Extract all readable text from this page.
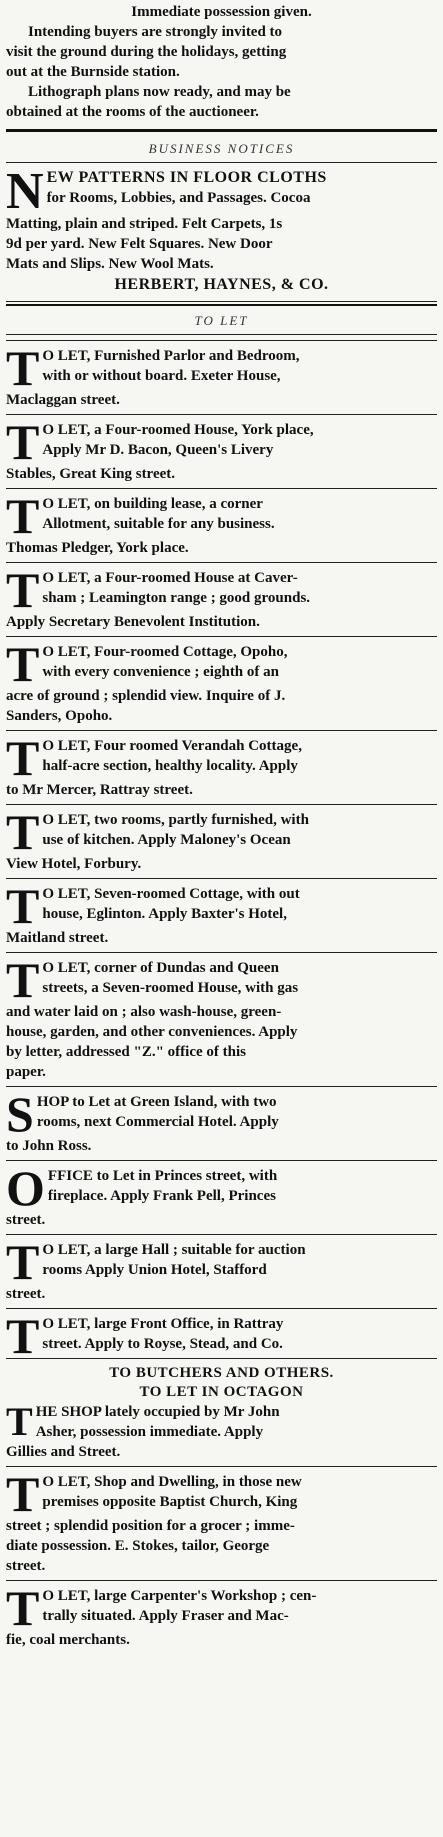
Immediate possession given.
Intending buyers are strongly invited to
visit the ground during the holidays, getting
out at the Burnside station.
Lithograph plans now ready, and may be
obtained at the rooms of the auctioneer.
BUSINESS NOTICES
N EW PATTERNS IN FLOOR CLOTHS
for Rooms, Lobbies, and Passages. Cocoa
Matting, plain and striped. Felt Carpets, 1s
9d per yard. New Felt Squares. New Door
Mats and Slips. New Wool Mats.
HERBERT, HAYNES, & CO.
TO LET
T O LET, Furnished Parlor and Bedroom,
with or without board. Exeter House,
Maclaggan street.
T O LET, a Four-roomed House, York place,
Apply Mr D. Bacon, Queen's Livery
Stables, Great King street.
T O LET, on building lease, a corner
Allotment, suitable for any business.
Thomas Pledger, York place.
T O LET, a Four-roomed House at Caver-
sham ; Leamington range ; good grounds.
Apply Secretary Benevolent Institution.
T O LET, Four-roomed Cottage, Opoho,
with every convenience ; eighth of an
acre of ground ; splendid view. Inquire of J.
Sanders, Opoho.
T O LET, Four roomed Verandah Cottage,
half-acre section, healthy locality. Apply
to Mr Mercer, Rattray street.
T O LET, two rooms, partly furnished, with
use of kitchen. Apply Maloney's Ocean
View Hotel, Forbury.
T O LET, Seven-roomed Cottage, with out
house, Eglinton. Apply Baxter's Hotel,
Maitland street.
T O LET, corner of Dundas and Queen
streets, a Seven-roomed House, with gas
and water laid on ; also wash-house, green-
house, garden, and other conveniences. Apply
by letter, addressed "Z." office of this
paper.
S HOP to Let at Green Island, with two
rooms, next Commercial Hotel. Apply
to John Ross.
O FFICE to Let in Princes street, with
fireplace. Apply Frank Pell, Princes
street.
T O LET, a large Hall ; suitable for auction
rooms Apply Union Hotel, Stafford
street.
T O LET, large Front Office, in Rattray
street. Apply to Royse, Stead, and Co.
TO BUTCHERS AND OTHERS.
TO LET IN OCTAGON
T HE SHOP lately occupied by Mr John
Asher, possession immediate. Apply
Gillies and Street.
T O LET, Shop and Dwelling, in those new
premises opposite Baptist Church, King
street ; splendid position for a grocer ; imme-
diate possession. E. Stokes, tailor, George
street.
T O LET, large Carpenter's Workshop ; cen-
trally situated. Apply Fraser and Mac-
fie, coal merchants.
